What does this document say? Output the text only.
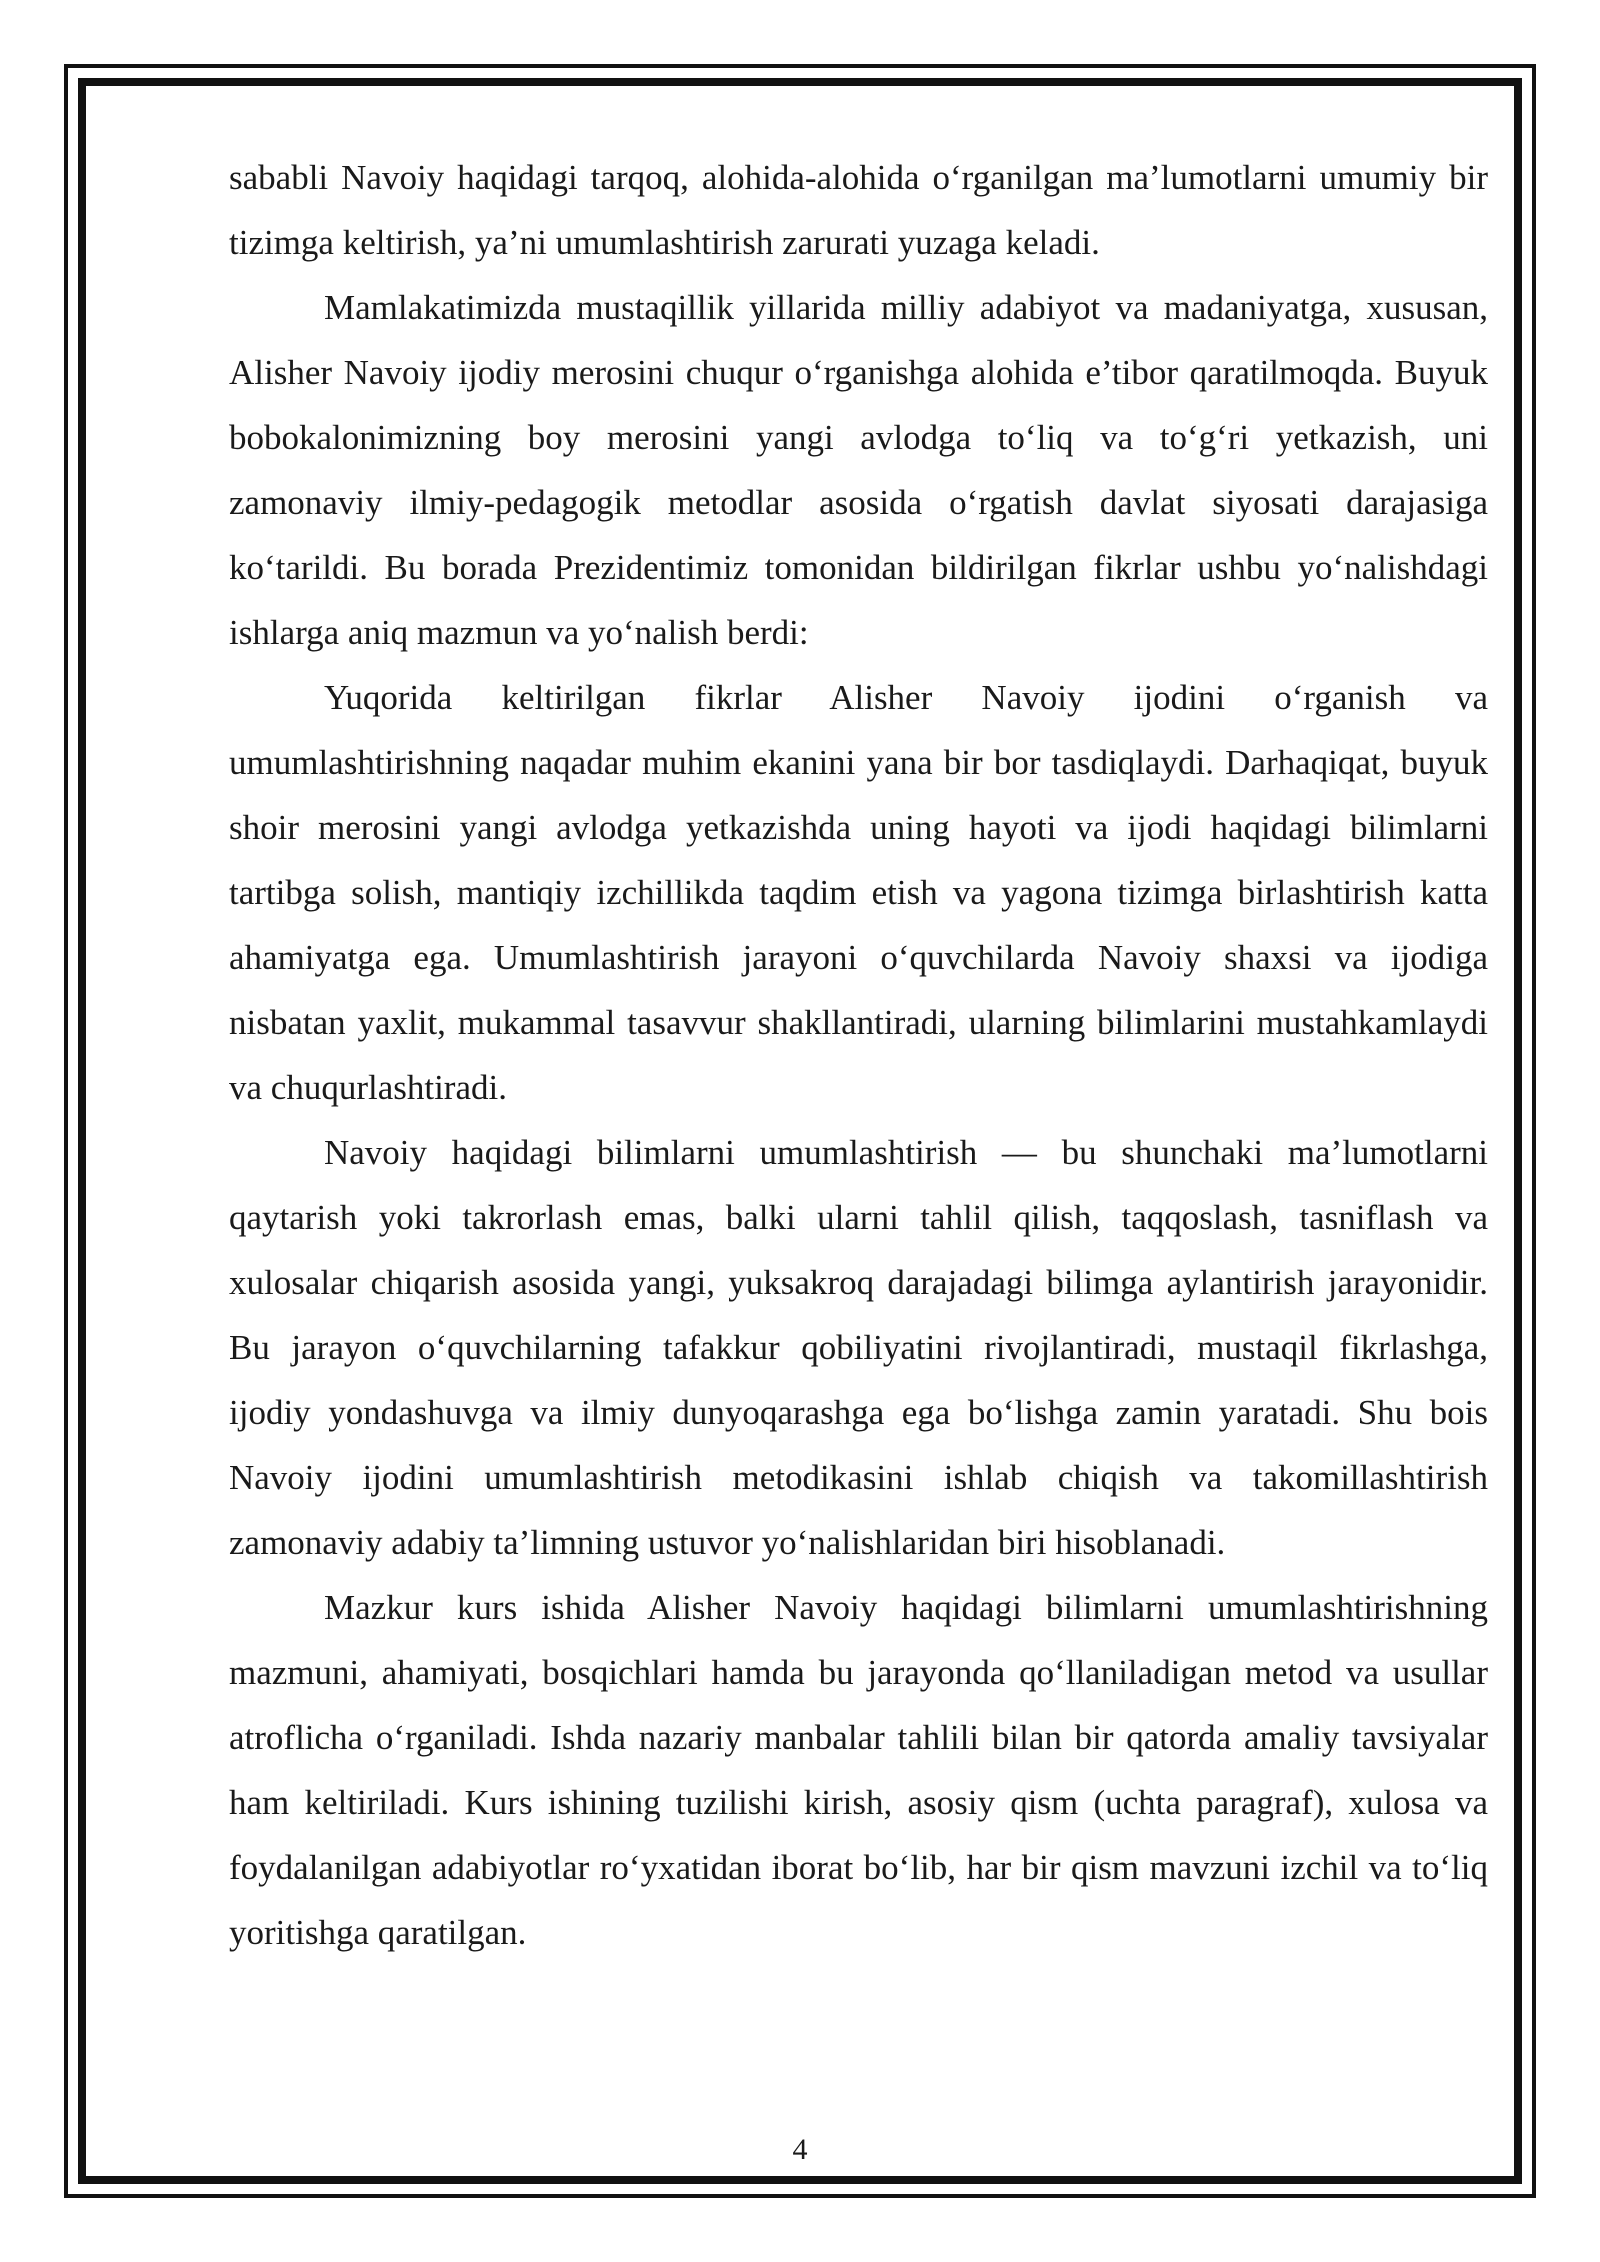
sababli Navoiy haqidagi tarqoq, alohida-alohida o‘rganilgan ma’lumotlarni umumiy bir tizimga keltirish, ya’ni umumlashtirish zarurati yuzaga keladi.

Mamlakatimizda mustaqillik yillarida milliy adabiyot va madaniyatga, xususan, Alisher Navoiy ijodiy merosini chuqur o‘rganishga alohida e’tibor qaratilmoqda. Buyuk bobokalonimizning boy merosini yangi avlodga to‘liq va to‘g‘ri yetkazish, uni zamonaviy ilmiy-pedagogik metodlar asosida o‘rgatish davlat siyosati darajasiga ko‘tarildi. Bu borada Prezidentimiz tomonidan bildirilgan fikrlar ushbu yo‘nalishdagi ishlarga aniq mazmun va yo‘nalish berdi:

Yuqorida keltirilgan fikrlar Alisher Navoiy ijodini o‘rganish va umumlashtirishning naqadar muhim ekanini yana bir bor tasdiqlaydi. Darhaqiqat, buyuk shoir merosini yangi avlodga yetkazishda uning hayoti va ijodi haqidagi bilimlarni tartibga solish, mantiqiy izchillikda taqdim etish va yagona tizimga birlashtirish katta ahamiyatga ega. Umumlashtirish jarayoni o‘quvchilarda Navoiy shaxsi va ijodiga nisbatan yaxlit, mukammal tasavvur shakllantiradi, ularning bilimlarini mustahkamlaydi va chuqurlashtiradi.

Navoiy haqidagi bilimlarni umumlashtirish — bu shunchaki ma’lumotlarni qaytarish yoki takrorlash emas, balki ularni tahlil qilish, taqqoslash, tasniflash va xulosalar chiqarish asosida yangi, yuksakroq darajadagi bilimga aylantirish jarayonidir. Bu jarayon o‘quvchilarning tafakkur qobiliyatini rivojlantiradi, mustaqil fikrlashga, ijodiy yondashuvga va ilmiy dunyoqarashga ega bo‘lishga zamin yaratadi. Shu bois Navoiy ijodini umumlashtirish metodikasini ishlab chiqish va takomillashtirish zamonaviy adabiy ta’limning ustuvor yo‘nalishlaridan biri hisoblanadi.

Mazkur kurs ishida Alisher Navoiy haqidagi bilimlarni umumlashtirishning mazmuni, ahamiyati, bosqichlari hamda bu jarayonda qo‘llaniladigan metod va usullar atroflicha o‘rganiladi. Ishda nazariy manbalar tahlili bilan bir qatorda amaliy tavsiyalar ham keltiriladi. Kurs ishining tuzilishi kirish, asosiy qism (uchta paragraf), xulosa va foydalanilgan adabiyotlar ro‘yxatidan iborat bo‘lib, har bir qism mavzuni izchil va to‘liq yoritishga qaratilgan.

4
